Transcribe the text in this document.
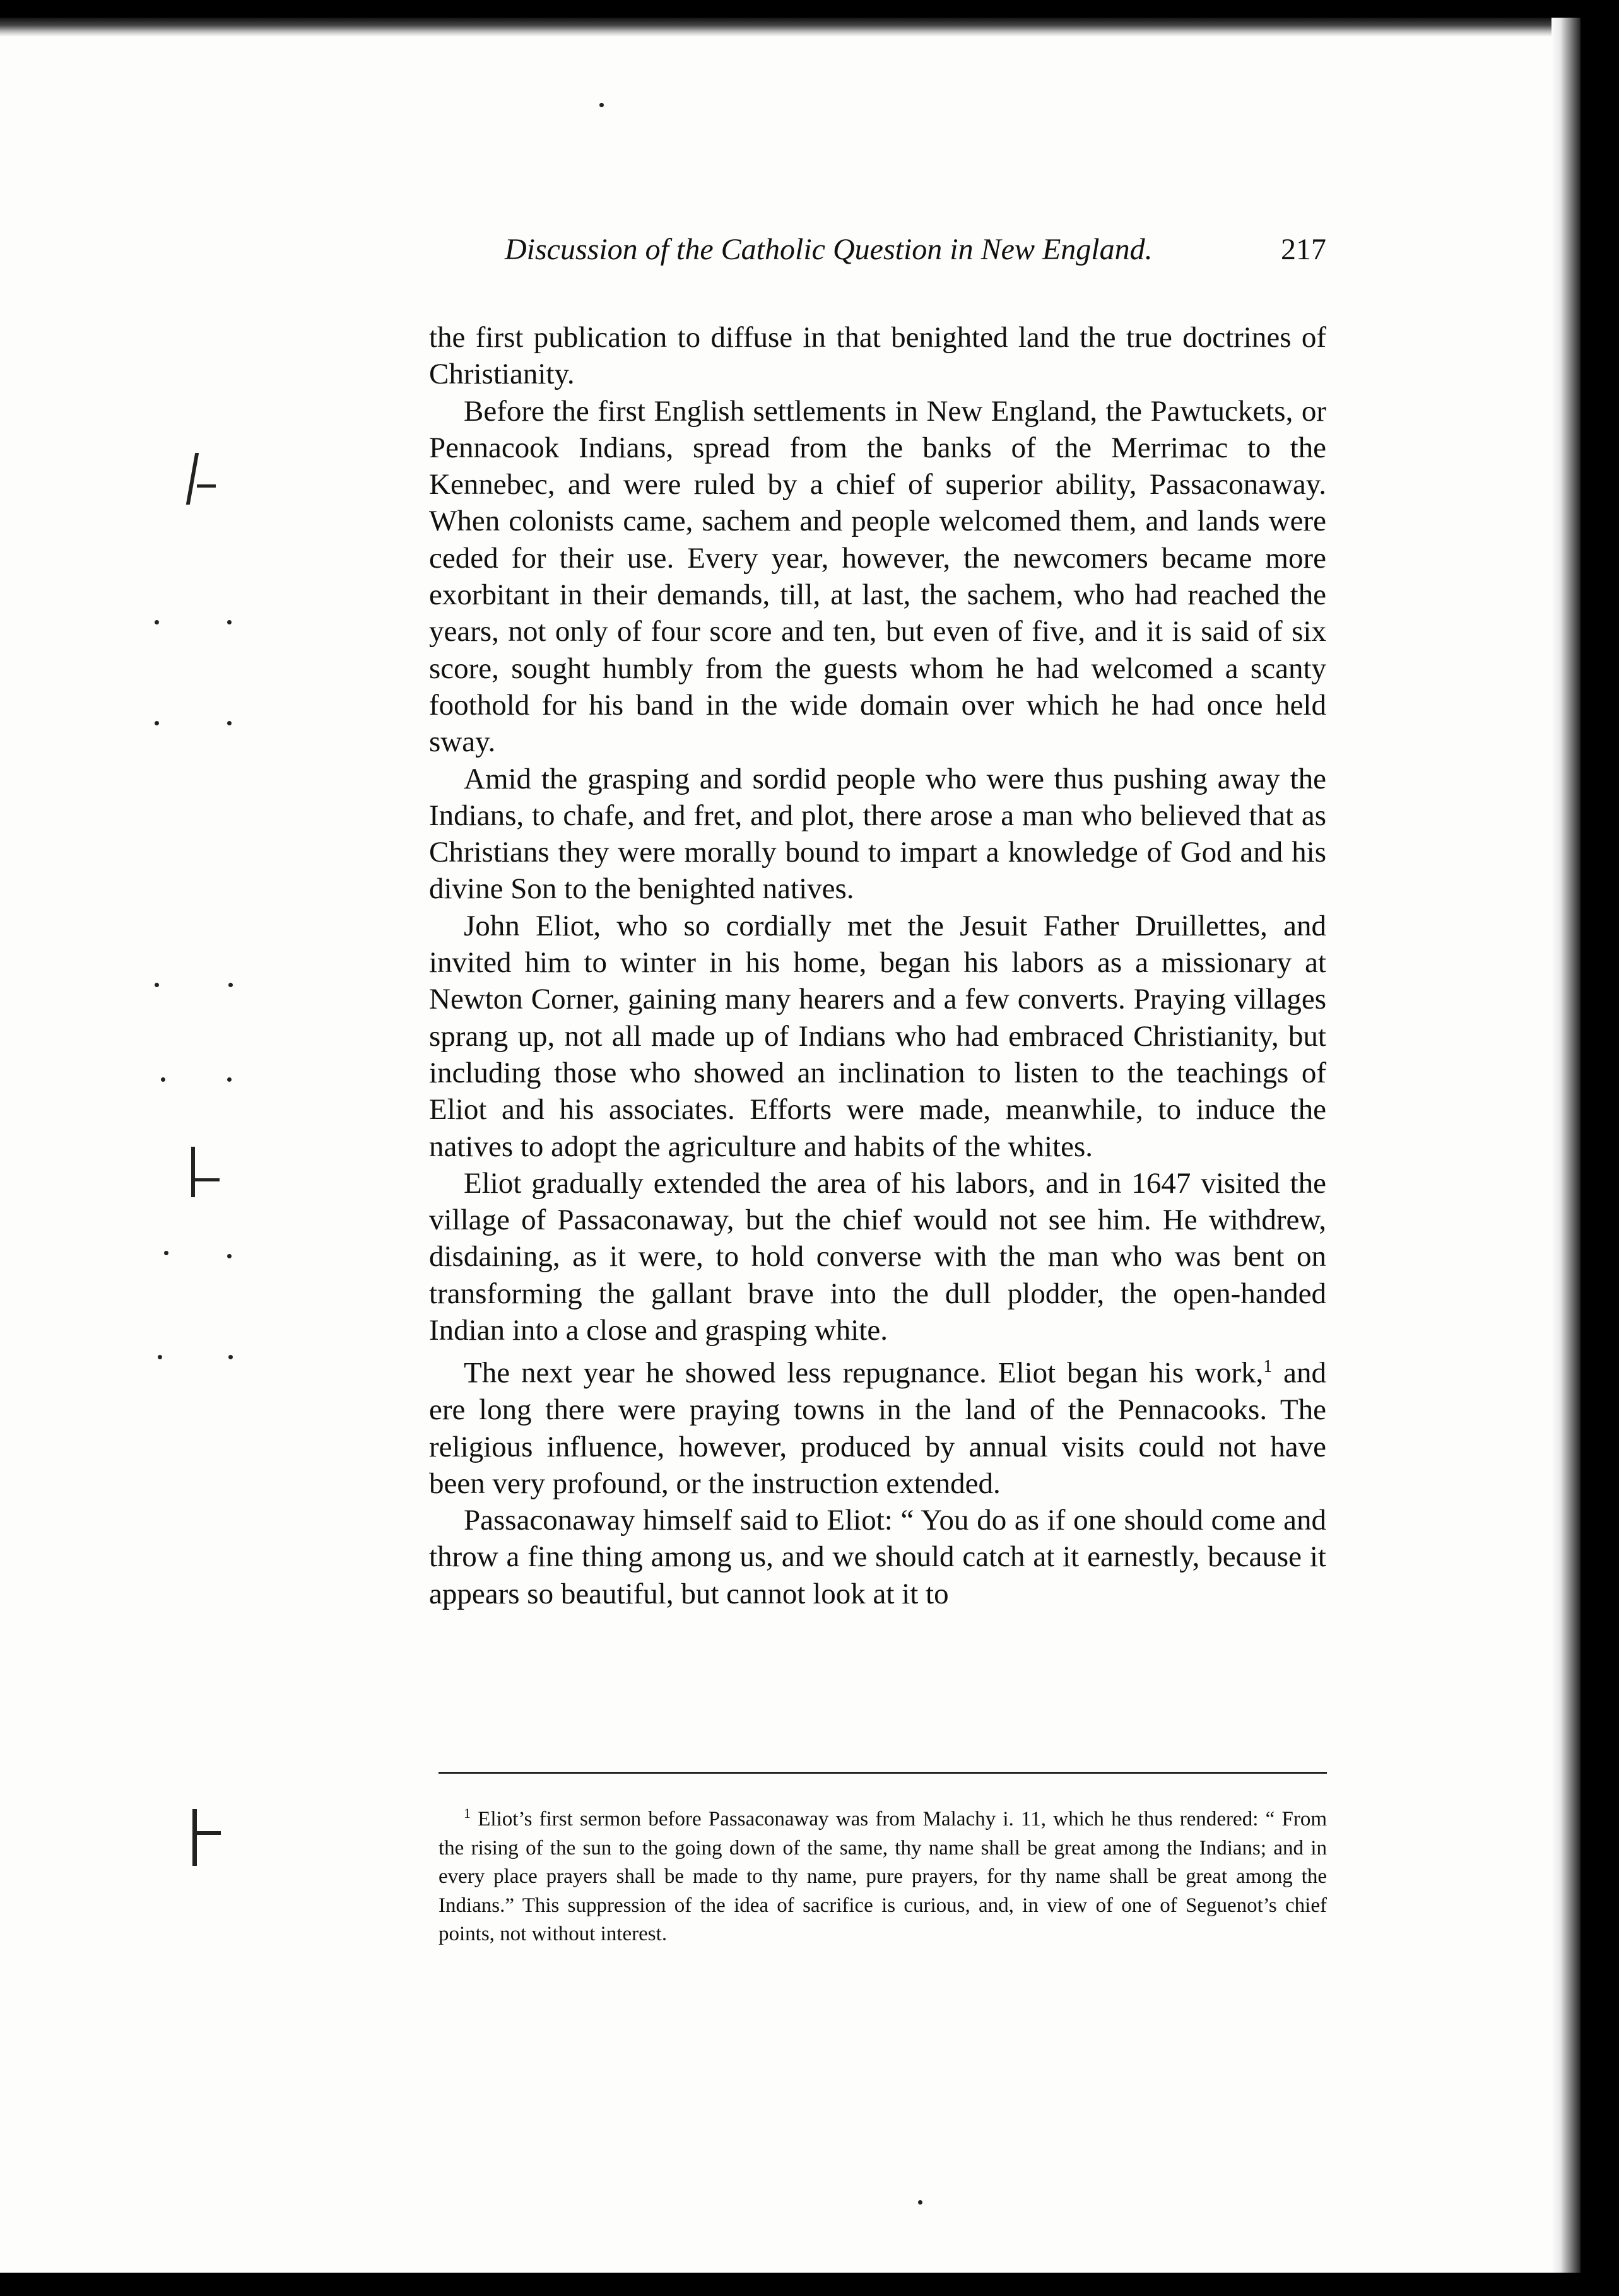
Discussion of the Catholic Question in New England.	217

the first publication to diffuse in that benighted land the true doctrines of Christianity.

Before the first English settlements in New England, the Pawtuckets, or Pennacook Indians, spread from the banks of the Merrimac to the Kennebec, and were ruled by a chief of superior ability, Passaconaway. When colonists came, sachem and people welcomed them, and lands were ceded for their use. Every year, however, the newcomers became more exorbitant in their demands, till, at last, the sachem, who had reached the years, not only of four score and ten, but even of five, and it is said of six score, sought humbly from the guests whom he had welcomed a scanty foothold for his band in the wide domain over which he had once held sway.

Amid the grasping and sordid people who were thus pushing away the Indians, to chafe, and fret, and plot, there arose a man who believed that as Christians they were morally bound to impart a knowledge of God and his divine Son to the benighted natives.

John Eliot, who so cordially met the Jesuit Father Druillettes, and invited him to winter in his home, began his labors as a missionary at Newton Corner, gaining many hearers and a few converts. Praying villages sprang up, not all made up of Indians who had embraced Christianity, but including those who showed an inclination to listen to the teachings of Eliot and his associates. Efforts were made, meanwhile, to induce the natives to adopt the agriculture and habits of the whites.

Eliot gradually extended the area of his labors, and in 1647 visited the village of Passaconaway, but the chief would not see him. He withdrew, disdaining, as it were, to hold converse with the man who was bent on transforming the gallant brave into the dull plodder, the open-handed Indian into a close and grasping white.

The next year he showed less repugnance. Eliot began his work,$^1$ and ere long there were praying towns in the land of the Pennacooks. The religious influence, however, produced by annual visits could not have been very profound, or the instruction extended.

Passaconaway himself said to Eliot: “ You do as if one should come and throw a fine thing among us, and we should catch at it earnestly, because it appears so beautiful, but cannot look at it to

$^1$ Eliot’s first sermon before Passaconaway was from Malachy i. 11, which he thus rendered: “ From the rising of the sun to the going down of the same, thy name shall be great among the Indians; and in every place prayers shall be made to thy name, pure prayers, for thy name shall be great among the Indians.” This suppression of the idea of sacrifice is curious, and, in view of one of Seguenot’s chief points, not without interest.
